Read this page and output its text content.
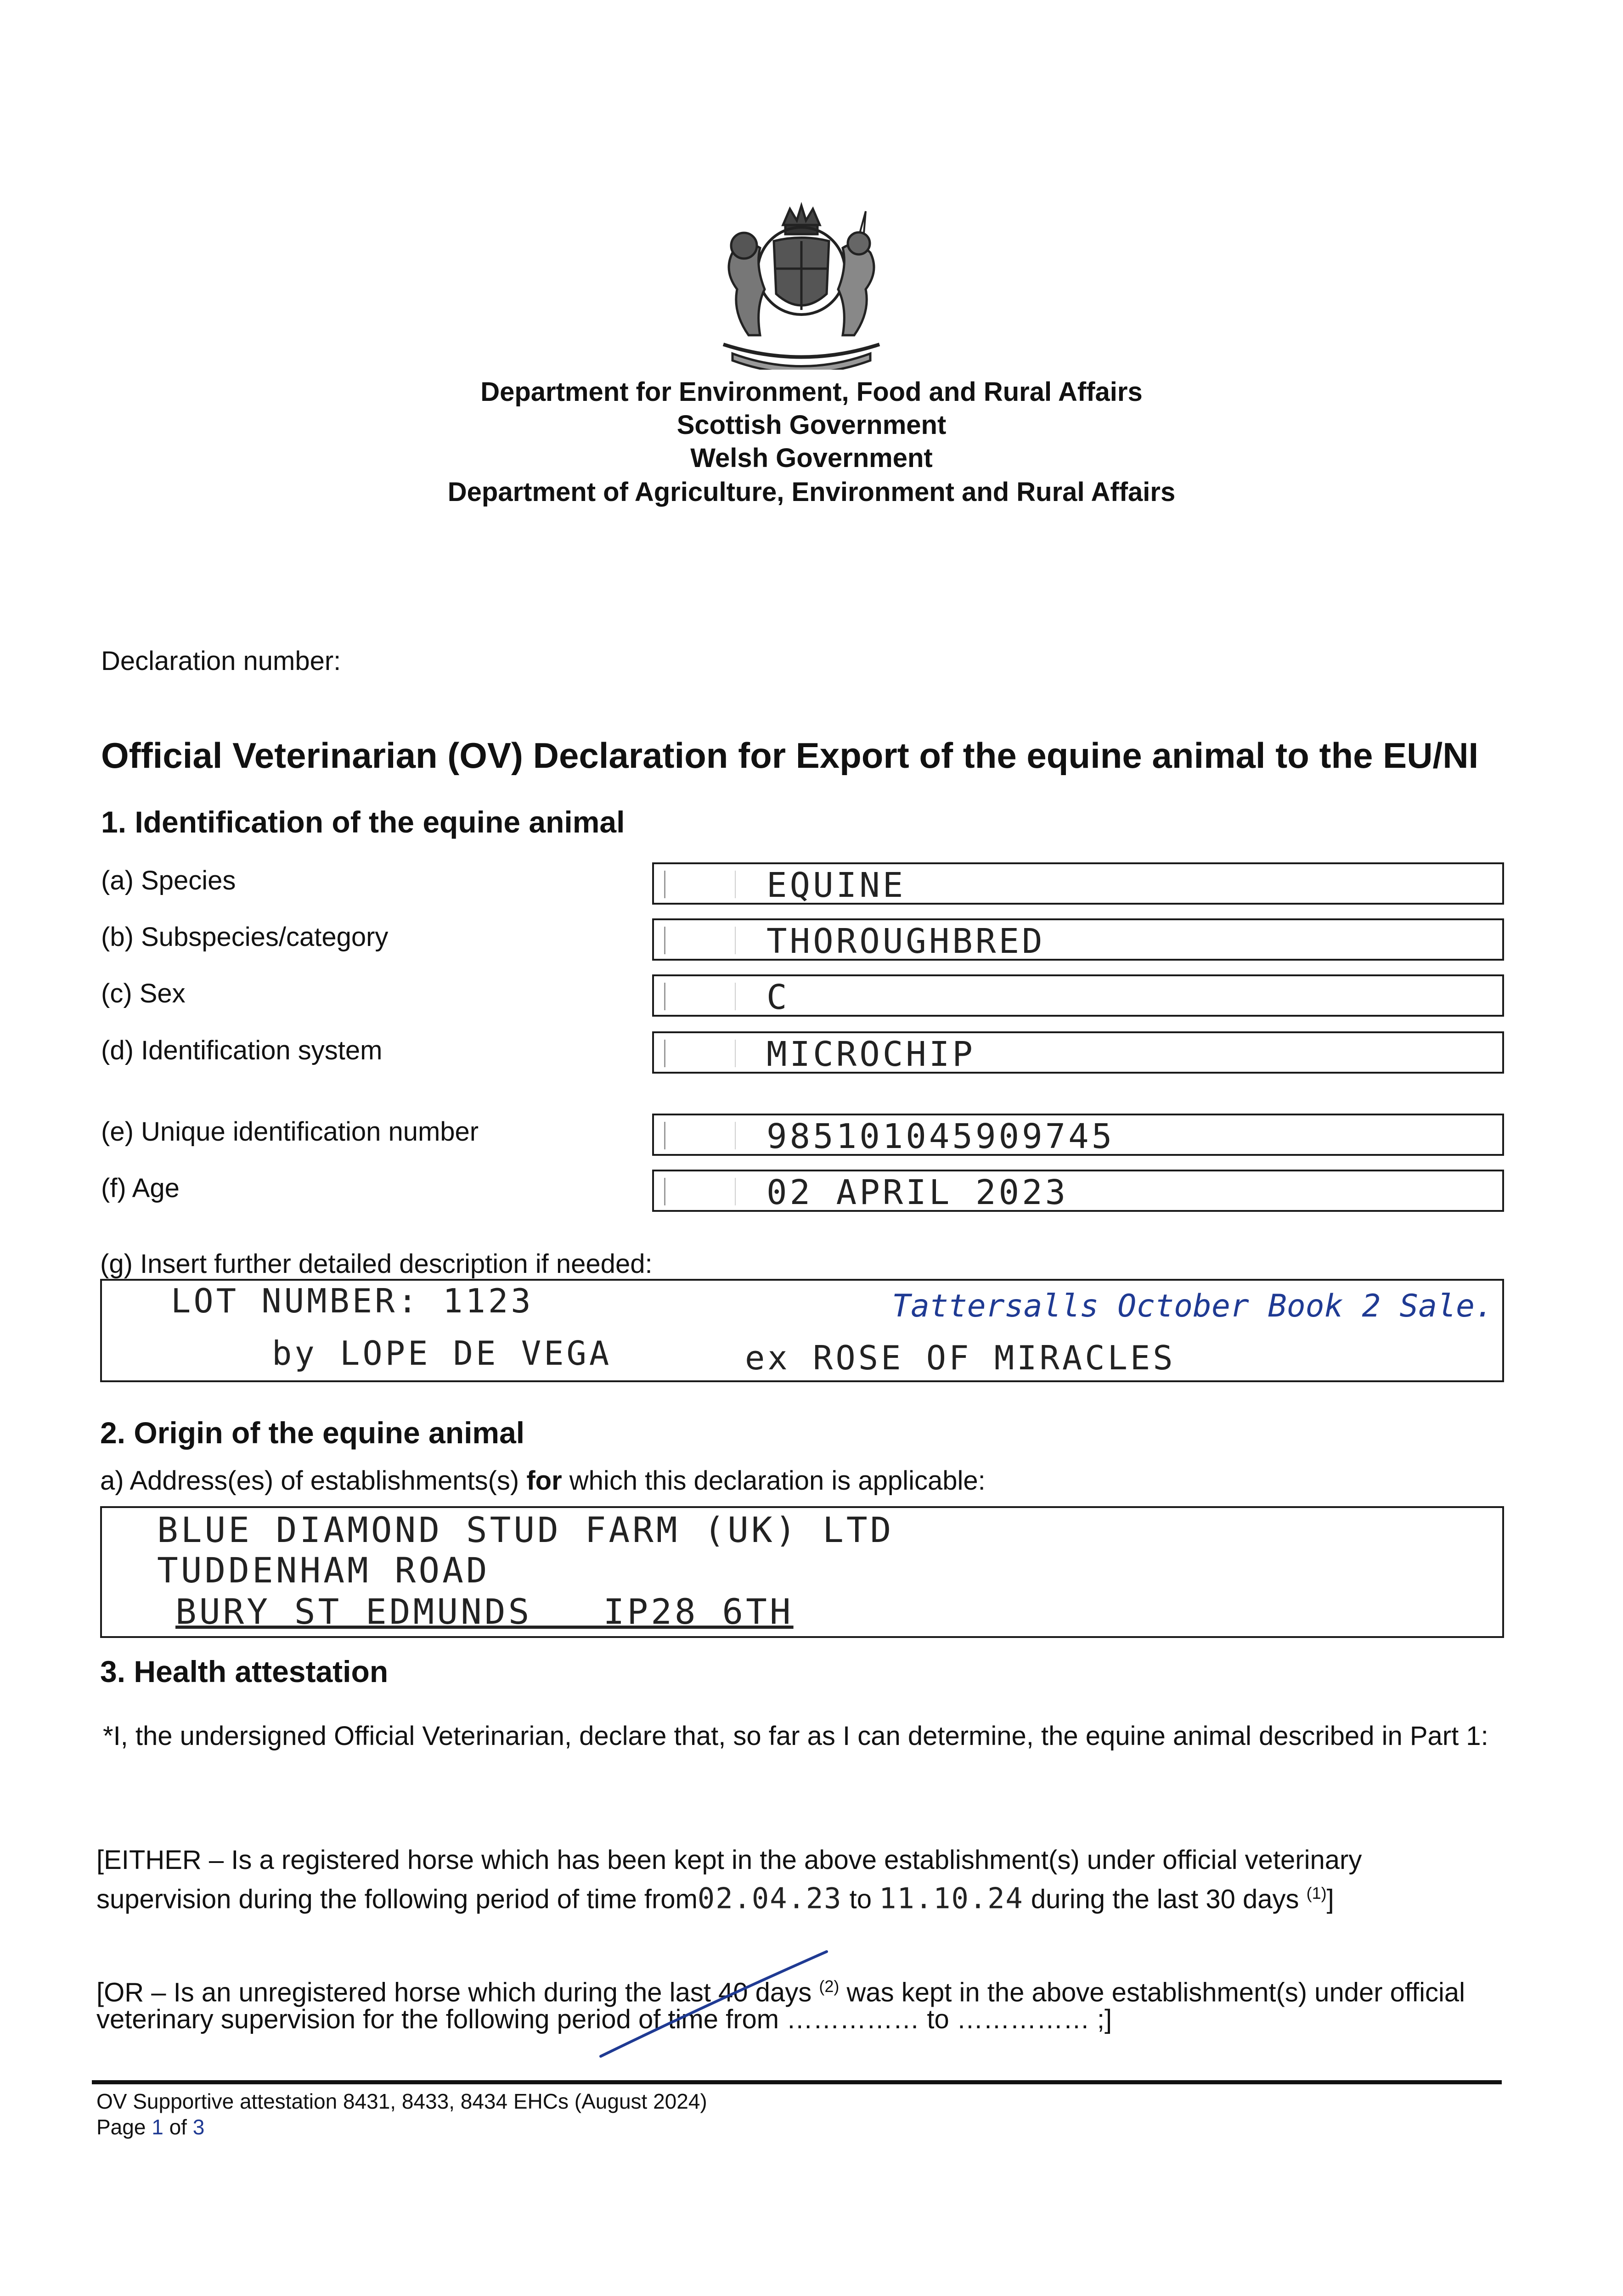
Department for Environment, Food and Rural Affairs
Scottish Government
Welsh Government
Department of Agriculture, Environment and Rural Affairs
Declaration number:
Official Veterinarian (OV) Declaration for Export of the equine animal to the EU/NI
1. Identification of the equine animal
(a) Species	EQUINE
(b) Subspecies/category	THOROUGHBRED
(c) Sex	C
(d) Identification system	MICROCHIP
(e) Unique identification number	985101045909745
(f) Age	02 APRIL 2023
(g) Insert further detailed description if needed:
LOT NUMBER: 1123	Tattersalls October Book 2 Sale.
by LOPE DE VEGA	ex ROSE OF MIRACLES
2. Origin of the equine animal
a) Address(es) of establishments(s) for which this declaration is applicable:
BLUE DIAMOND STUD FARM (UK) LTD
TUDDENHAM ROAD
BURY ST EDMUNDS   IP28 6TH
3. Health attestation
*I, the undersigned Official Veterinarian, declare that, so far as I can determine, the equine animal described in Part 1:
[EITHER – Is a registered horse which has been kept in the above establishment(s) under official veterinary
supervision during the following period of time from02.04.23 to 11.10.24 during the last 30 days $^{(1)}$]
[OR – Is an unregistered horse which during the last 40 days $^{(2)}$ was kept in the above establishment(s) under official
veterinary supervision for the following period of time from …………… to …………… ;]
OV Supportive attestation 8431, 8433, 8434 EHCs (August 2024)
Page 1 of 3
